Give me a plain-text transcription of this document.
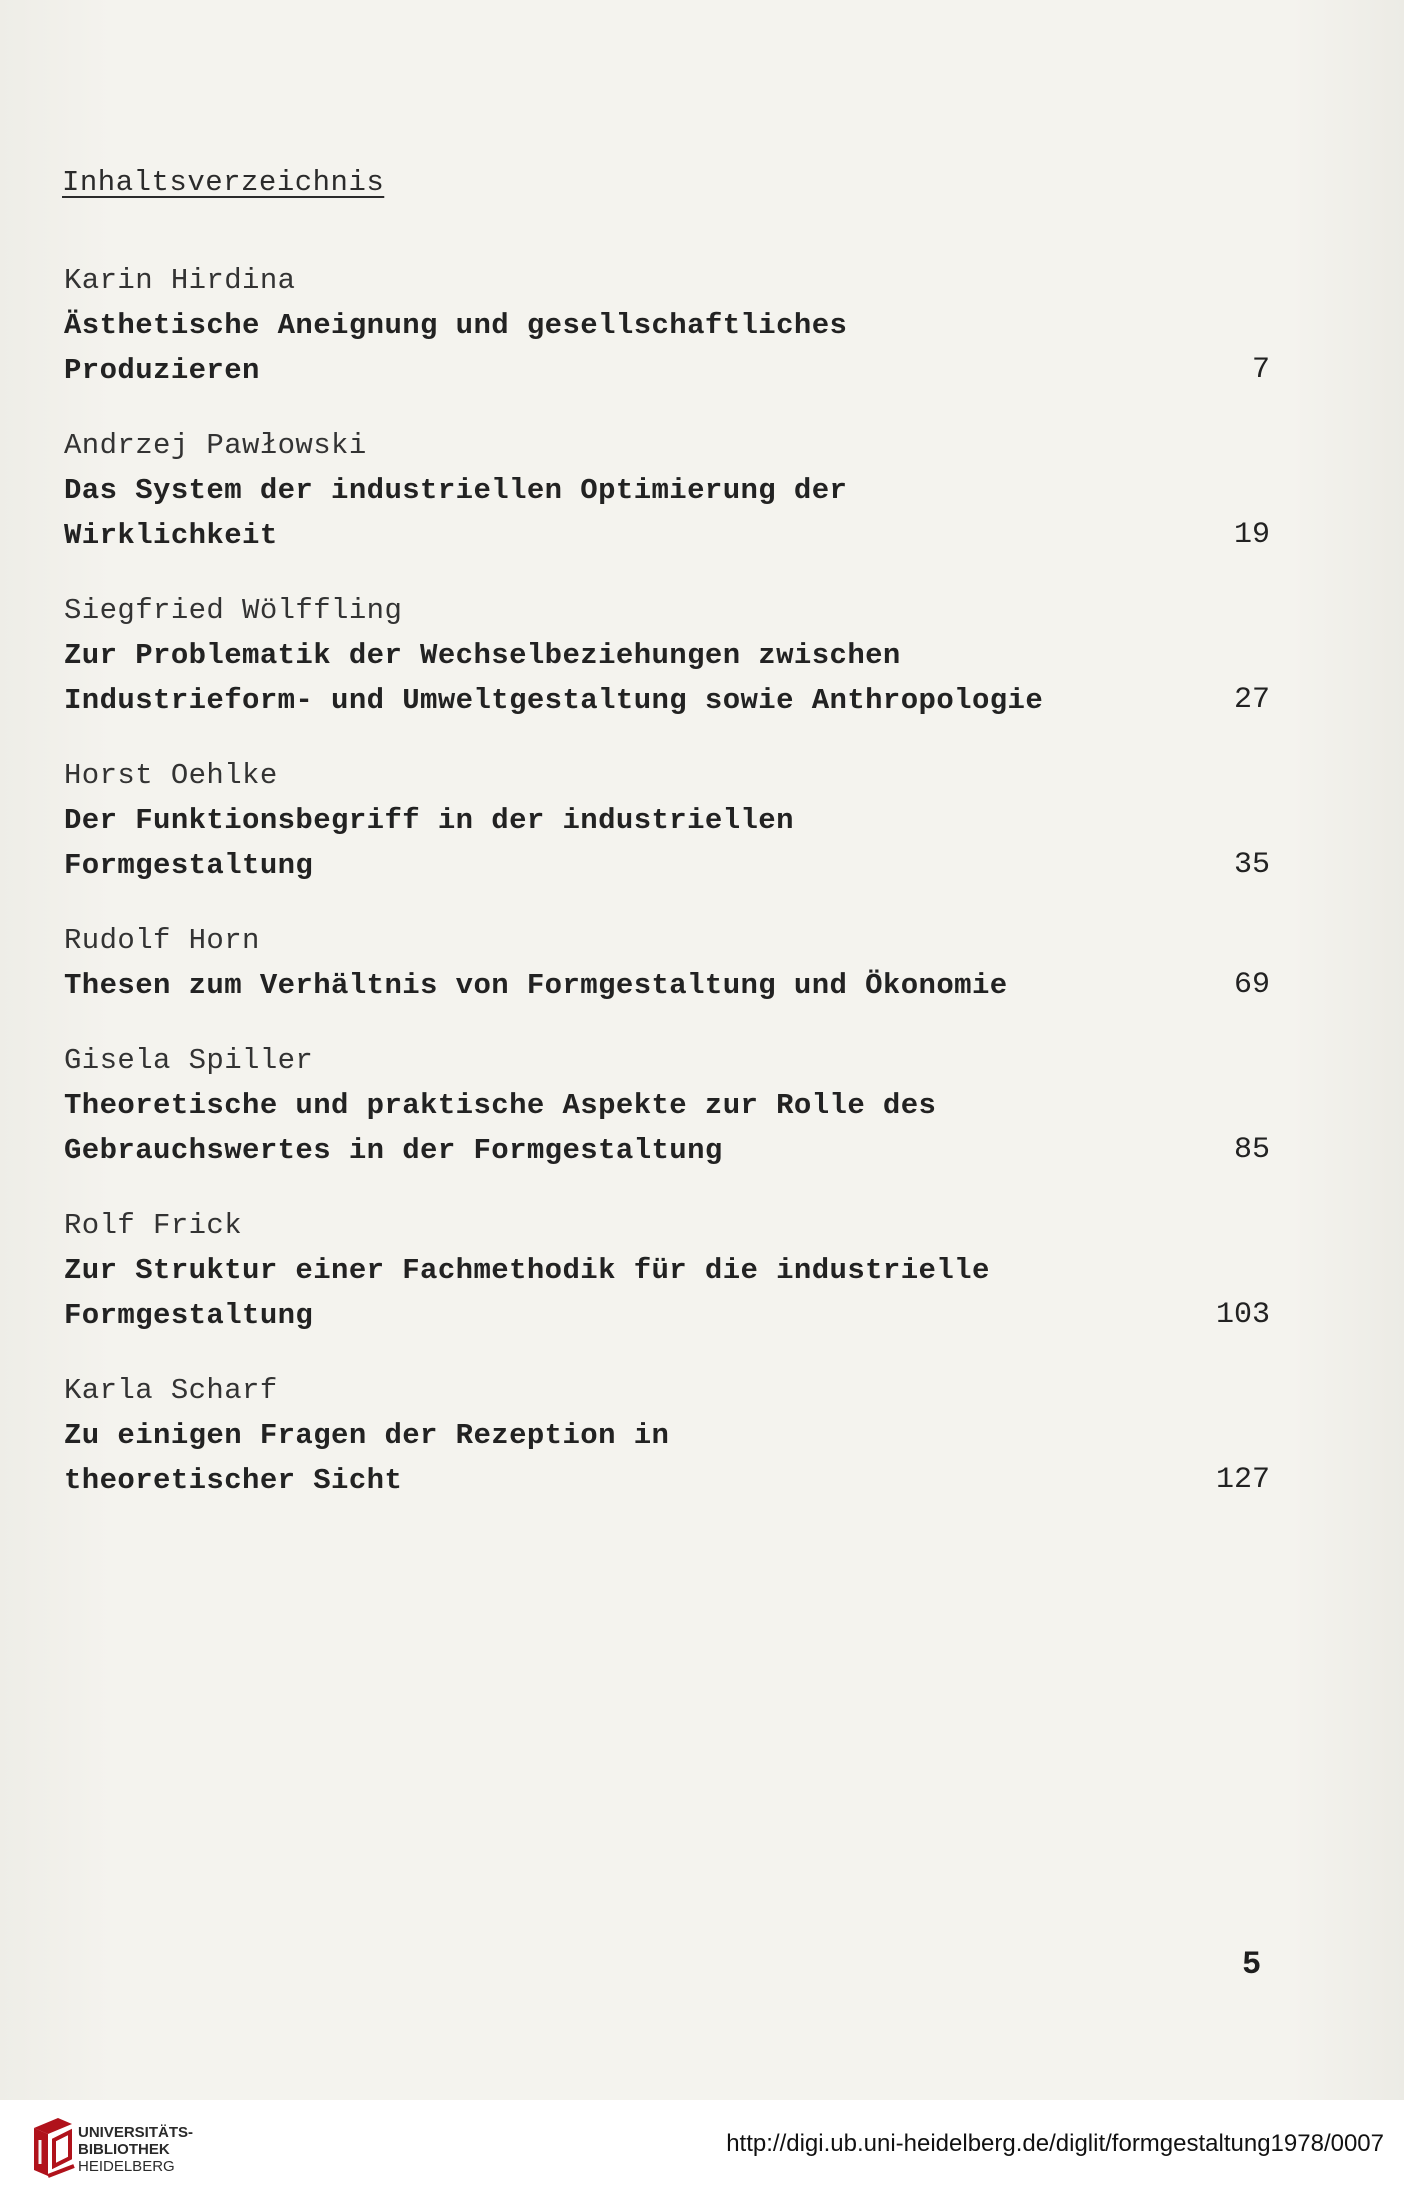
Inhaltsverzeichnis
Karin Hirdina
Ästhetische Aneignung und gesellschaftliches
Produzieren	7
Andrzej Pawłowski
Das System der industriellen Optimierung der
Wirklichkeit	19
Siegfried Wölffling
Zur Problematik der Wechselbeziehungen zwischen
Industrieform- und Umweltgestaltung sowie Anthropologie	27
Horst Oehlke
Der Funktionsbegriff in der industriellen
Formgestaltung	35
Rudolf Horn
Thesen zum Verhältnis von Formgestaltung und Ökonomie	69
Gisela Spiller
Theoretische und praktische Aspekte zur Rolle des
Gebrauchswertes in der Formgestaltung	85
Rolf Frick
Zur Struktur einer Fachmethodik für die industrielle
Formgestaltung	103
Karla Scharf
Zu einigen Fragen der Rezeption in
theoretischer Sicht	127
5
UNIVERSITÄTS-
BIBLIOTHEK
HEIDELBERG
http://digi.ub.uni-heidelberg.de/diglit/formgestaltung1978/0007
